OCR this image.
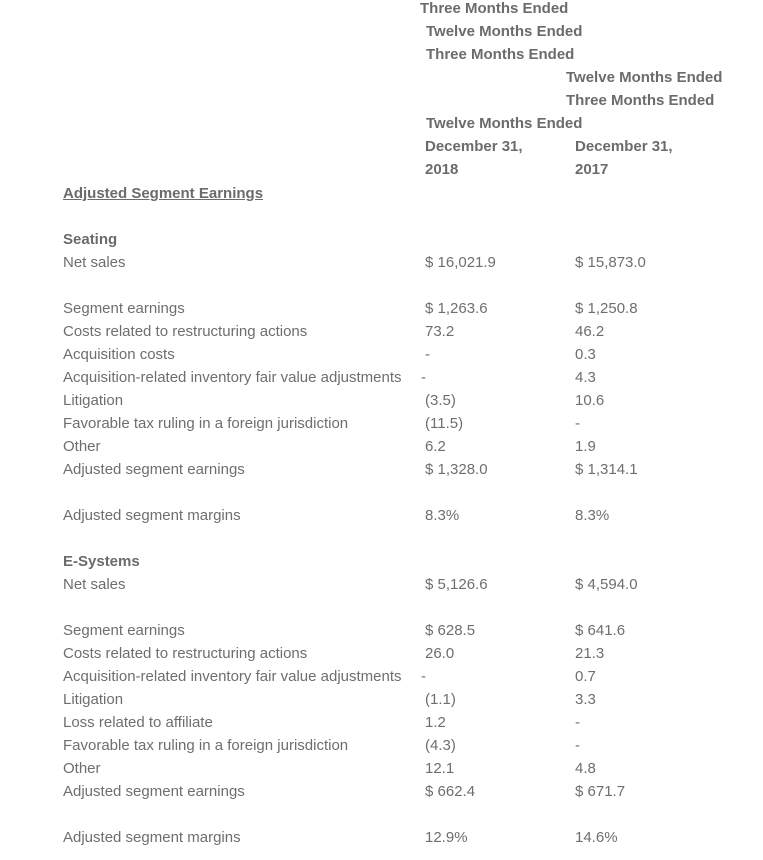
Three Months Ended
Twelve Months Ended
Three Months Ended
Twelve Months Ended
Three Months Ended
Twelve Months Ended
December 31,
2018
December 31,
2017
Adjusted Segment Earnings
Seating
Net sales	$ 16,021.9	$ 15,873.0
Segment earnings	$ 1,263.6	$ 1,250.8
Costs related to restructuring actions	73.2	46.2
Acquisition costs	-	0.3
Acquisition-related inventory fair value adjustments -	4.3
Litigation	(3.5)	10.6
Favorable tax ruling in a foreign jurisdiction	(11.5)	-
Other	6.2	1.9
Adjusted segment earnings	$ 1,328.0	$ 1,314.1
Adjusted segment margins	8.3%	8.3%
E-Systems
Net sales	$ 5,126.6	$ 4,594.0
Segment earnings	$ 628.5	$ 641.6
Costs related to restructuring actions	26.0	21.3
Acquisition-related inventory fair value adjustments -	0.7
Litigation	(1.1)	3.3
Loss related to affiliate	1.2	-
Favorable tax ruling in a foreign jurisdiction	(4.3)	-
Other	12.1	4.8
Adjusted segment earnings	$ 662.4	$ 671.7
Adjusted segment margins	12.9%	14.6%
